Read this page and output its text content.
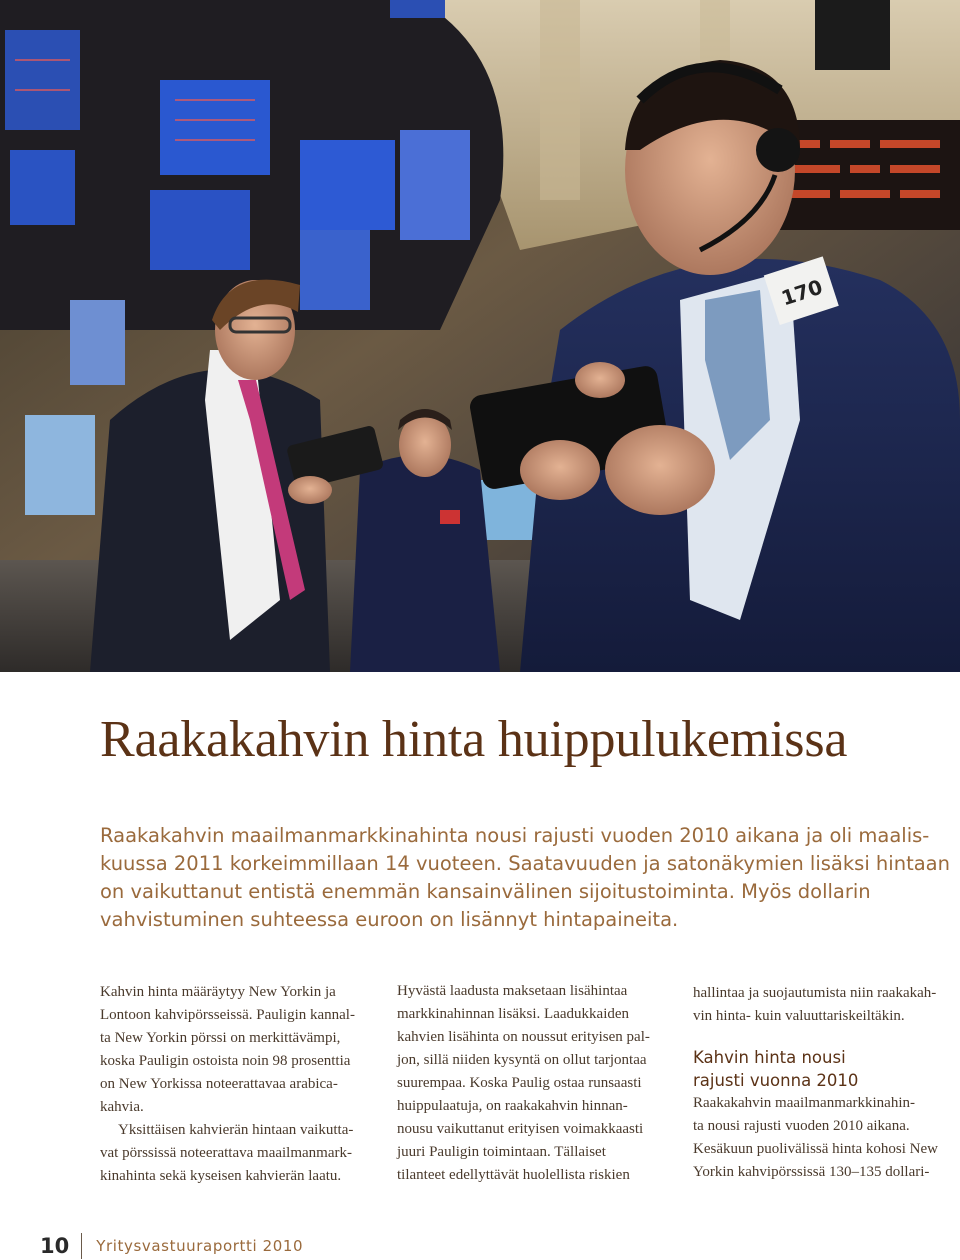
170
Raakakahvin hinta huippulukemissa
Raakakahvin maailmanmarkkinahinta nousi rajusti vuoden 2010 aikana ja oli maalis-
kuussa 2011 korkeimmillaan 14 vuoteen. Saatavuuden ja satonäkymien lisäksi hintaan
on vaikuttanut entistä enemmän kansainvälinen sijoitustoiminta. Myös dollarin
vahvistuminen suhteessa euroon on lisännyt hintapaineita.
Kahvin hinta määräytyy New Yorkin ja
Lontoon kahvipörsseissä. Pauligin kannal-
ta New Yorkin pörssi on merkittävämpi,
koska Pauligin ostoista noin 98 prosenttia
on New Yorkissa noteerattavaa arabica-
kahvia.
Yksittäisen kahvierän hintaan vaikutta-
vat pörssissä noteerattava maailmanmark-
kinahinta sekä kyseisen kahvierän laatu.
Hyvästä laadusta maksetaan lisähintaa
markkinahinnan lisäksi. Laadukkaiden
kahvien lisähinta on noussut erityisen pal-
jon, sillä niiden kysyntä on ollut tarjontaa
suurempaa. Koska Paulig ostaa runsaasti
huippulaatuja, on raakakahvin hinnan-
nousu vaikuttanut erityisen voimakkaasti
juuri Pauligin toimintaan. Tällaiset
tilanteet edellyttävät huolellista riskien
hallintaa ja suojautumista niin raakakah-
vin hinta- kuin valuuttariskeiltäkin.
Kahvin hinta nousi
rajusti vuonna 2010
Raakakahvin maailmanmarkkinahin-
ta nousi rajusti vuoden 2010 aikana.
Kesäkuun puolivälissä hinta kohosi New
Yorkin kahvipörssissä 130–135 dollari-
10 Yritysvastuuraportti 2010
